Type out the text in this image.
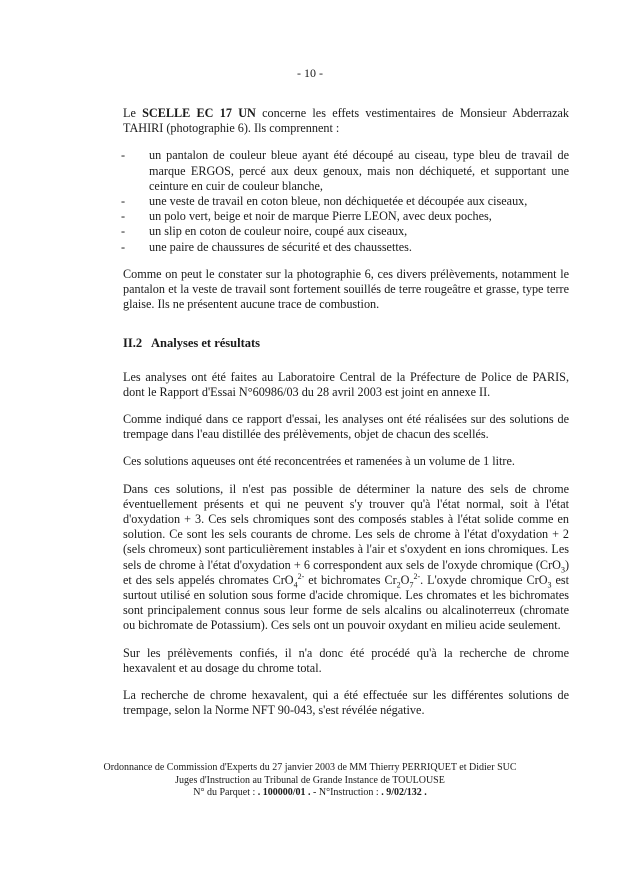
- 10 -

Le SCELLE EC 17 UN concerne les effets vestimentaires de Monsieur Abderrazak TAHIRI (photographie 6). Ils comprennent :

- un pantalon de couleur bleue ayant été découpé au ciseau, type bleu de travail de marque ERGOS, percé aux deux genoux, mais non déchiqueté, et supportant une ceinture en cuir de couleur blanche,
- une veste de travail en coton bleue, non déchiquetée et découpée aux ciseaux,
- un polo vert, beige et noir de marque Pierre LEON, avec deux poches,
- un slip en coton de couleur noire, coupé aux ciseaux,
- une paire de chaussures de sécurité et des chaussettes.

Comme on peut le constater sur la photographie 6, ces divers prélèvements, notamment le pantalon et la veste de travail sont fortement souillés de terre rougeâtre et grasse, type terre glaise. Ils ne présentent aucune trace de combustion.

II.2 Analyses et résultats

Les analyses ont été faites au Laboratoire Central de la Préfecture de Police de PARIS, dont le Rapport d'Essai N°60986/03 du 28 avril 2003 est joint en annexe II.

Comme indiqué dans ce rapport d'essai, les analyses ont été réalisées sur des solutions de trempage dans l'eau distillée des prélèvements, objet de chacun des scellés.

Ces solutions aqueuses ont été reconcentrées et ramenées à un volume de 1 litre.

Dans ces solutions, il n'est pas possible de déterminer la nature des sels de chrome éventuellement présents et qui ne peuvent s'y trouver qu'à l'état normal, soit à l'état d'oxydation + 3. Ces sels chromiques sont des composés stables à l'état solide comme en solution. Ce sont les sels courants de chrome. Les sels de chrome à l'état d'oxydation + 2 (sels chromeux) sont particulièrement instables à l'air et s'oxydent en ions chromiques. Les sels de chrome à l'état d'oxydation + 6 correspondent aux sels de l'oxyde chromique (CrO$_3$) et des sels appelés chromates CrO$_4^{2-}$ et bichromates $Cr_2O_7^{2-}$. L'oxyde chromique CrO$_3$ est surtout utilisé en solution sous forme d'acide chromique. Les chromates et les bichromates sont principalement connus sous leur forme de sels alcalins ou alcalinoterreux (chromate ou bichromate de Potassium). Ces sels ont un pouvoir oxydant en milieu acide seulement.

Sur les prélèvements confiés, il n'a donc été procédé qu'à la recherche de chrome hexavalent et au dosage du chrome total.

La recherche de chrome hexavalent, qui a été effectuée sur les différentes solutions de trempage, selon la Norme NFT 90-043, s'est révélée négative.

Ordonnance de Commission d'Experts du 27 janvier 2003 de MM Thierry PERRIQUET et Didier SUC
Juges d'Instruction au Tribunal de Grande Instance de TOULOUSE
N° du Parquet : . 100000/01 . - N°Instruction : . 9/02/132 .
